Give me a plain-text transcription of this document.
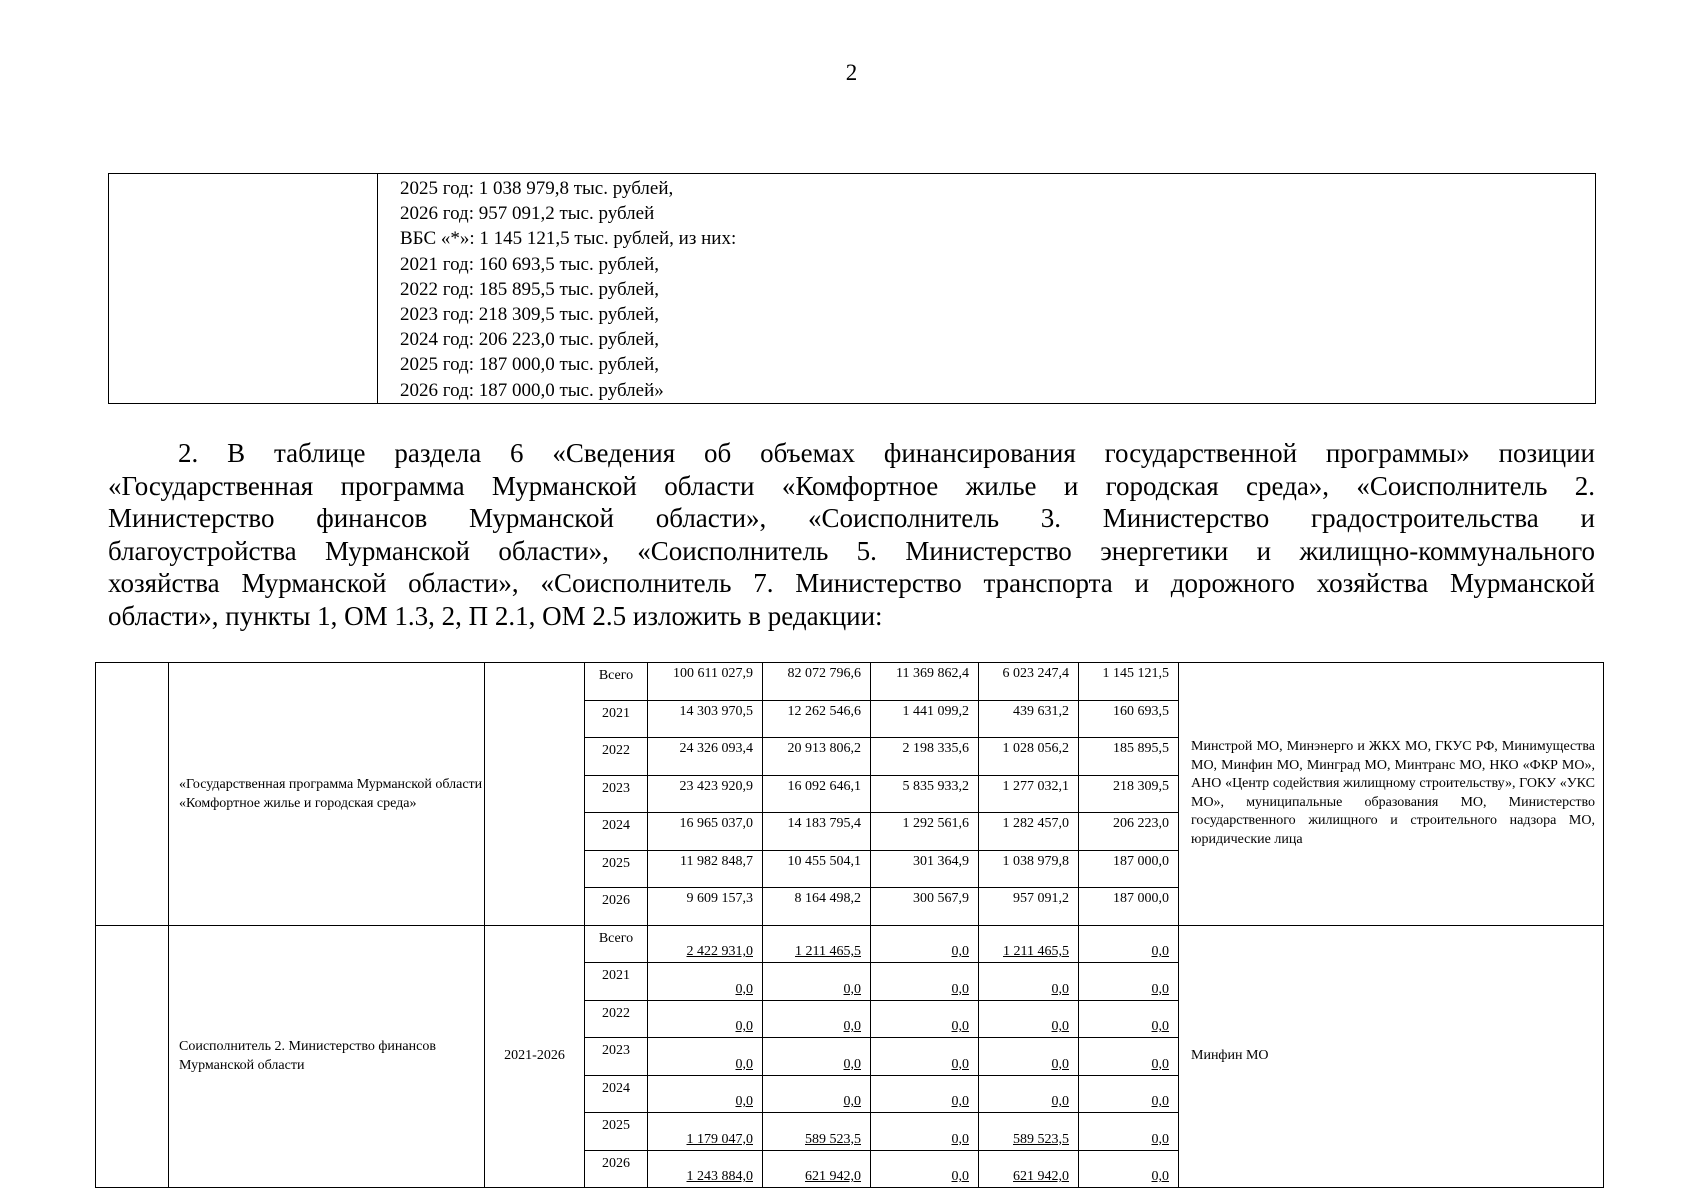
2
2025 год: 1 038 979,8 тыс. рублей,
2026 год: 957 091,2 тыс. рублей
ВБС «*»: 1 145 121,5 тыс. рублей, из них:
2021 год: 160 693,5 тыс. рублей,
2022 год: 185 895,5 тыс. рублей,
2023 год: 218 309,5 тыс. рублей,
2024 год: 206 223,0 тыс. рублей,
2025 год: 187 000,0 тыс. рублей,
2026 год: 187 000,0 тыс. рублей»
2. В таблице раздела 6 «Сведения об объемах финансирования государственной программы» позиции
«Государственная программа Мурманской области «Комфортное жилье и городская среда», «Соисполнитель 2.
Министерство финансов Мурманской области», «Соисполнитель 3. Министерство градостроительства и
благоустройства Мурманской области», «Соисполнитель 5. Министерство энергетики и жилищно-коммунального
хозяйства Мурманской области», «Соисполнитель 7. Министерство транспорта и дорожного хозяйства Мурманской
области», пункты 1, ОМ 1.3, 2, П 2.1, ОМ 2.5 изложить в редакции:
	«Государственная программа Мурманской области «Комфортное жилье и городская среда»		Всего	100 611 027,9	82 072 796,6	11 369 862,4	6 023 247,4	1 145 121,5	Минстрой МО, Минэнерго и ЖКХ МО, ГКУС РФ, Минимущества МО, Минфин МО, Минград МО, Минтранс МО, НКО «ФКР МО», АНО «Центр содействия жилищному строительству», ГОКУ «УКС МО», муниципальные образования МО, Министерство государственного жилищного и строительного надзора МО, юридические лица
			2021	14 303 970,5	12 262 546,6	1 441 099,2	439 631,2	160 693,5	
			2022	24 326 093,4	20 913 806,2	2 198 335,6	1 028 056,2	185 895,5	
			2023	23 423 920,9	16 092 646,1	5 835 933,2	1 277 032,1	218 309,5	
			2024	16 965 037,0	14 183 795,4	1 292 561,6	1 282 457,0	206 223,0	
			2025	11 982 848,7	10 455 504,1	301 364,9	1 038 979,8	187 000,0	
			2026	9 609 157,3	8 164 498,2	300 567,9	957 091,2	187 000,0	
	Соисполнитель 2. Министерство финансов Мурманской области	2021-2026	Всего	2 422 931,0	1 211 465,5	0,0	1 211 465,5	0,0	Минфин МО
			2021	0,0	0,0	0,0	0,0	0,0	
			2022	0,0	0,0	0,0	0,0	0,0	
			2023	0,0	0,0	0,0	0,0	0,0	
			2024	0,0	0,0	0,0	0,0	0,0	
			2025	1 179 047,0	589 523,5	0,0	589 523,5	0,0	
			2026	1 243 884,0	621 942,0	0,0	621 942,0	0,0	
